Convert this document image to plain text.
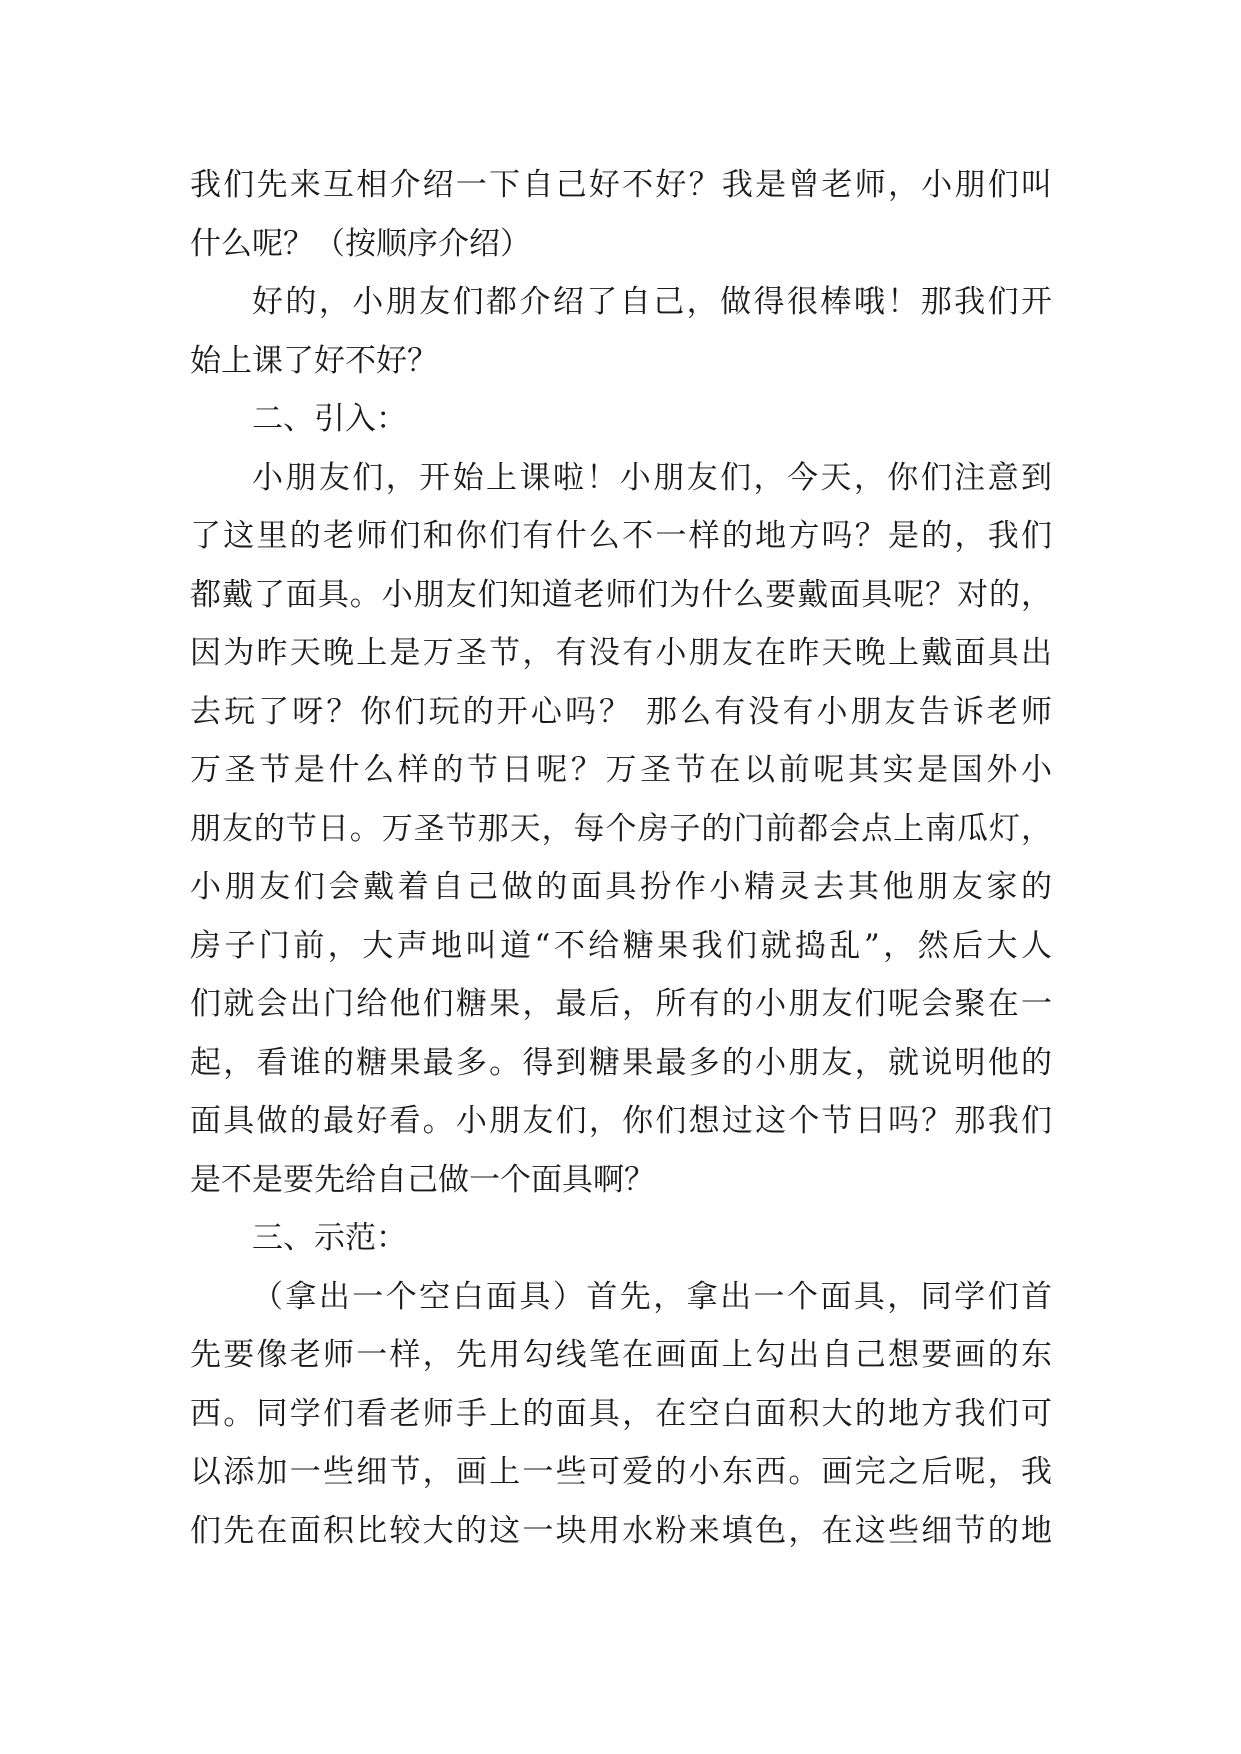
我们先来互相介绍一下自己好不好？我是曾老师，小朋们叫
什么呢？（按顺序介绍）
好的，小朋友们都介绍了自己，做得很棒哦！那我们开
始上课了好不好？
二、引入：
小朋友们，开始上课啦！小朋友们，今天，你们注意到
了这里的老师们和你们有什么不一样的地方吗？是的，我们
都戴了面具。小朋友们知道老师们为什么要戴面具呢？对的，
因为昨天晚上是万圣节，有没有小朋友在昨天晚上戴面具出
去玩了呀？你们玩的开心吗？ 那么有没有小朋友告诉老师
万圣节是什么样的节日呢？万圣节在以前呢其实是国外小
朋友的节日。万圣节那天，每个房子的门前都会点上南瓜灯，
小朋友们会戴着自己做的面具扮作小精灵去其他朋友家的
房子门前，大声地叫道“不给糖果我们就捣乱”，然后大人
们就会出门给他们糖果，最后，所有的小朋友们呢会聚在一
起，看谁的糖果最多。得到糖果最多的小朋友，就说明他的
面具做的最好看。小朋友们，你们想过这个节日吗？那我们
是不是要先给自己做一个面具啊？
三、示范：
（拿出一个空白面具）首先，拿出一个面具，同学们首
先要像老师一样，先用勾线笔在画面上勾出自己想要画的东
西。同学们看老师手上的面具，在空白面积大的地方我们可
以添加一些细节，画上一些可爱的小东西。画完之后呢，我
们先在面积比较大的这一块用水粉来填色，在这些细节的地
